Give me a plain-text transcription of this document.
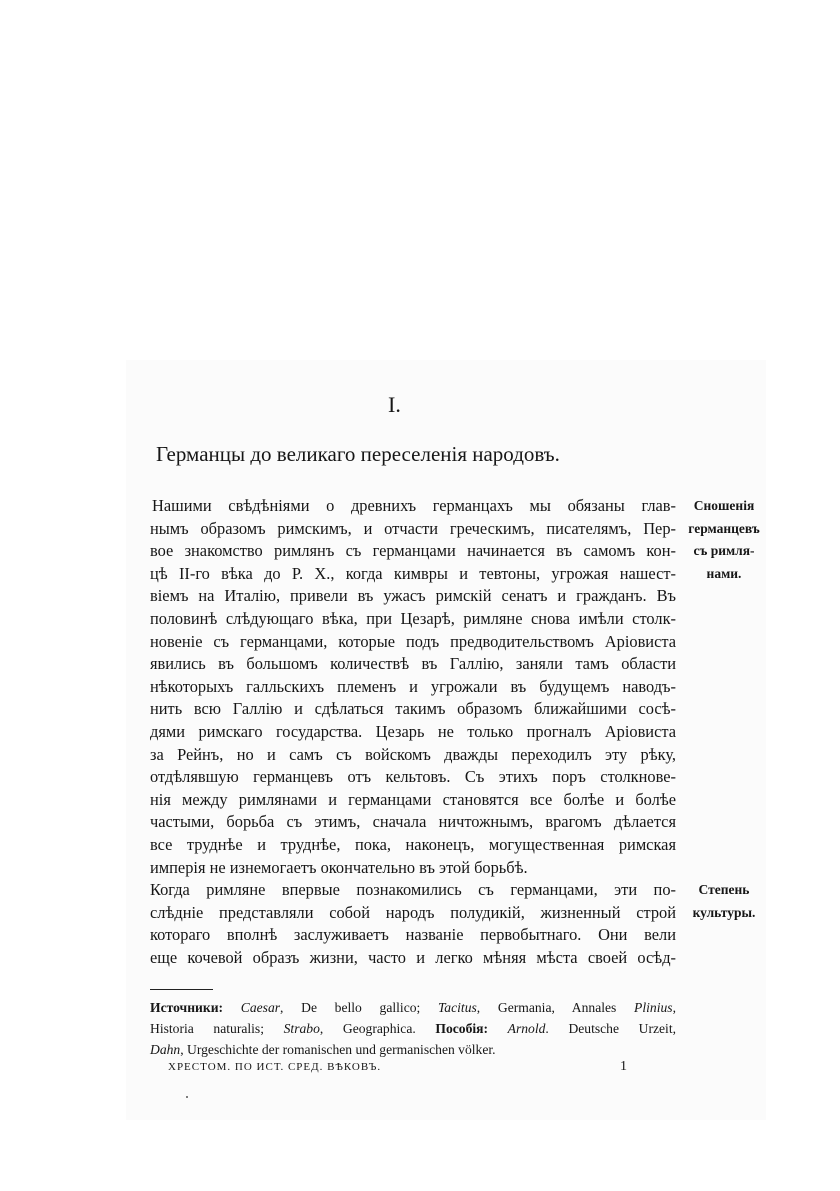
I.
Германцы до великаго переселенія народовъ.
Нашими свѣдѣніями о древнихъ германцахъ мы обязаны глав-
нымъ образомъ римскимъ, и отчасти греческимъ, писателямъ, Пер-
вое знакомство римлянъ съ германцами начинается въ самомъ кон-
цѣ II-го вѣка до Р. Х., когда кимвры и тевтоны, угрожая нашест-
віемъ на Италію, привели въ ужасъ римскій сенатъ и гражданъ. Въ
половинѣ слѣдующаго вѣка, при Цезарѣ, римляне снова имѣли столк-
новеніе съ германцами, которые подъ предводительствомъ Аріовиста
явились въ большомъ количествѣ въ Галлію, заняли тамъ области
нѣкоторыхъ галльскихъ племенъ и угрожали въ будущемъ наводъ-
нить всю Галлію и сдѣлаться такимъ образомъ ближайшими сосѣ-
дями римскаго государства. Цезарь не только прогналъ Аріовиста
за Рейнъ, но и самъ съ войскомъ дважды переходилъ эту рѣку,
отдѣлявшую германцевъ отъ кельтовъ. Съ этихъ поръ столкнове-
нія между римлянами и германцами становятся все болѣе и болѣе
частыми, борьба съ этимъ, сначала ничтожнымъ, врагомъ дѣлается
все труднѣе и труднѣе, пока, наконецъ, могущественная римская
имперія не изнемогаетъ окончательно въ этой борьбѣ.
Когда римляне впервые познакомились съ германцами, эти по-
слѣдніе представляли собой народъ полудикій, жизненный строй
котораго вполнѣ заслуживаетъ названіе первобытнаго. Они вели
еще кочевой образъ жизни, часто и легко мѣняя мѣста своей осѣд-
Сношенія
германцевъ
съ римля-
нами.
Степень
культуры.
Источники: Caesar, De bello gallico; Tacitus, Germania, Annales Plinius,
Historia naturalis; Strabo, Geographica. Пособія: Arnold. Deutsche Urzeit,
Dahn, Urgeschichte der romanischen und germanischen völker.
ХРЕСТОМ. ПО ИСТ. СРЕД. ВѢКОВЪ.	1
